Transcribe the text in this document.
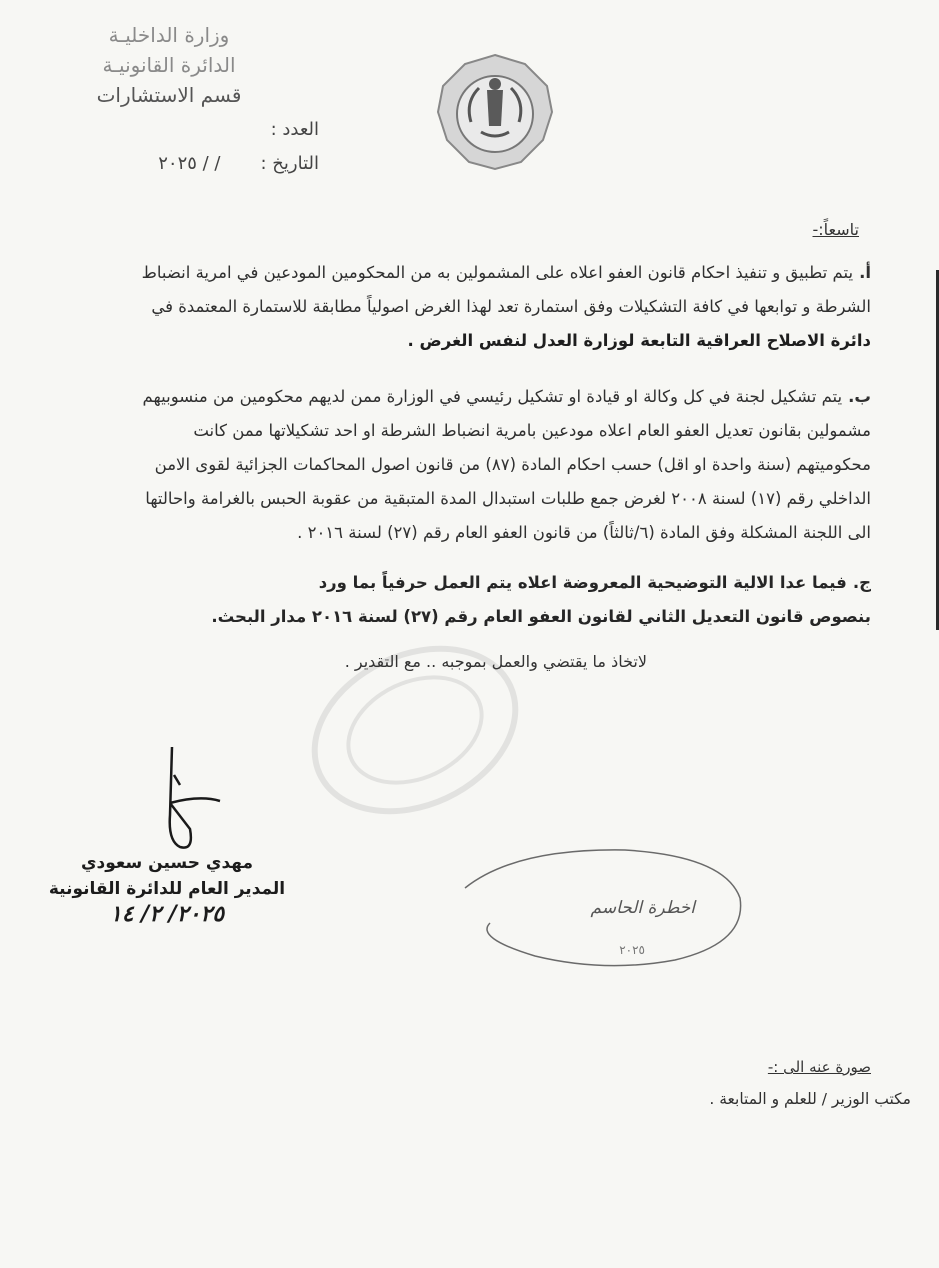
وزارة الداخليـة
الدائرة القانونيـة
قسم الاستشارات
العدد :
التاريخ :
/ / ٢٠٢٥
تاسعاً:-
أ.يتم تطبيق و تنفيذ احكام قانون العفو اعلاه على المشمولين به من المحكومين المودعين في امرية انضباط
الشرطة و توابعها في كافة التشكيلات وفق استمارة تعد لهذا الغرض اصولياً مطابقة للاستمارة المعتمدة في
دائرة الاصلاح العراقية التابعة لوزارة العدل لنفس الغرض .
ب.يتم تشكيل لجنة في كل وكالة او قيادة او تشكيل رئيسي في الوزارة ممن لديهم محكومين من منسوبيهم
مشمولين بقانون تعديل العفو العام اعلاه مودعين بامرية انضباط الشرطة او احد تشكيلاتها ممن كانت
محكوميتهم (سنة واحدة او اقل) حسب احكام المادة (٨٧) من قانون اصول المحاكمات الجزائية لقوى الامن
الداخلي رقم (١٧) لسنة ٢٠٠٨ لغرض جمع طلبات استبدال المدة المتبقية من عقوبة الحبس بالغرامة واحالتها
الى اللجنة المشكلة وفق المادة (٦/ثالثاً) من قانون العفو العام رقم (٢٧) لسنة ٢٠١٦ .
ج.فيما عدا الالية التوضيحية المعروضة اعلاه يتم العمل حرفياً بما ورد
بنصوص قانون التعديل الثاني لقانون العفو العام رقم (٢٧) لسنة ٢٠١٦ مدار البحث.
لاتخاذ ما يقتضي والعمل بموجبه .. مع التقدير .
مهدي حسين سعودي
المدير العام للدائرة القانونية
٢٠٢٥/ ٢/ ١٤	اخطرة الحاسم
٢٠٢٥
صورة عنه الى :-
مكتب الوزير / للعلم و المتابعة .
